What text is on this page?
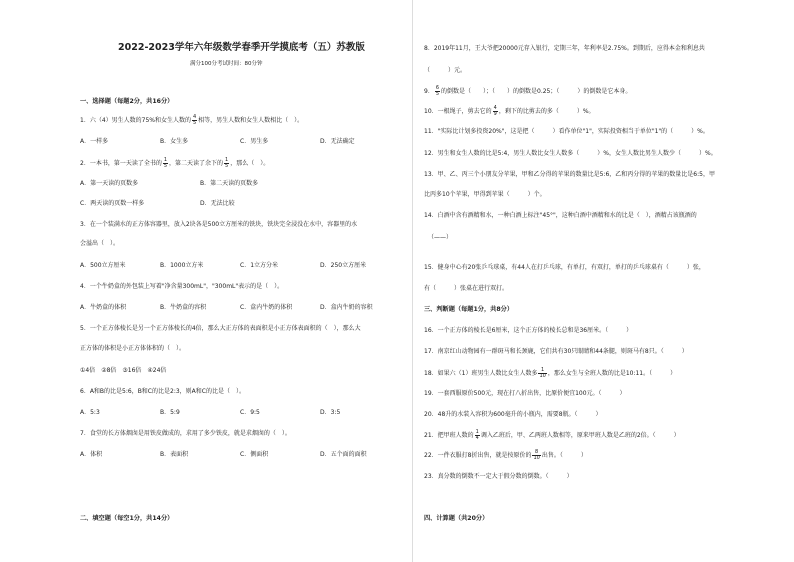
2022-2023学年六年级数学春季开学摸底考（五）苏教版
满分100分考试时间：80分钟
一、选择题（每题2分，共16分）
1．六（4）男生人数的75%和女生人数的 $\frac{4}{5}$ 相等，男生人数和女生人数相比（　）。
A．一样多	B．女生多	C．男生多	D．无法确定
2．一本书，第一天读了全书的 $\frac{1}{5}$ ，第二天读了余下的 $\frac{1}{5}$ ，那么（　）。
A．第一天读的页数多	B．第二天读的页数多
C．两天读的页数一样多	D．无法比较
3．在一个装满水的正方体容器里，放入2块各是500立方厘米的铁块，铁块完全浸没在水中，容器里的水
会溢出（　）。
A．500立方厘米	B．1000立方米	C．1立方分米	D．250立方厘米
4．一个牛奶盒的外包装上写着"净含量300mL"，"300mL"表示的是（　）。
A．牛奶盒的体积	B．牛奶盒的容积	C．盒内牛奶的体积	D．盒内牛奶的容积
5．一个正方体棱长是另一个正方体棱长的4倍，那么大正方体的表面积是小正方体表面积的（　），那么大
正方体的体积是小正方体体积的（　）。
①4倍　②8倍　③16倍　④24倍
6．A和B的比是5:6，B和C的比是2:3，则A和C的比是（　）。
A．5:3	B．5:9	C．9:5	D．3:5
7．食堂的长方体烟囱是用铁皮做成的，求用了多少铁皮，就是求烟囱的（　）。
A．体积	B．表面积	C．侧面积	D．五个面的面积
二、填空题（每空1分，共14分）
8．2019年11月，王大爷把20000元存入银行，定期三年，年利率是2.75%。到期后，应得本金和利息共
（　　　）元。
9． $\frac{6}{5}$ 的倒数是（　　）；（　　）的倒数是0.25；（　　　）的倒数是它本身。
10．一根绳子，剪去它的 $\frac{4}{9}$ ，剩下的比剪去的多（　　　）%。
11．"实际比计划多投资20%"，这是把（　　　）看作单位"1"，实际投资相当于单位"1"的（　　　）%。
12．男生和女生人数的比是5:4，男生人数比女生人数多（　　　）%，女生人数比男生人数少（　　　）%。
13．甲、乙、丙三个小朋友分苹果，甲和乙分得的苹果的数量比是5:6，乙和丙分得的苹果的数量比是6:5，甲
比丙多10个苹果，甲得到苹果（　　　）个。
14．白酒中含有酒精和水，一种白酒上标注"45°"，这种白酒中酒精和水的比是（　），酒精占该瓶酒的
（——）
15．健身中心有20张乒乓球桌，有44人在打乒乓球，有单打，有双打，单打的乒乓球桌有（　　　）张，
有（　　　）张桌在进行双打。
三、判断题（每题1分，共8分）
16．一个正方体的棱长是6厘米，这个正方体的棱长总和是36厘米。（　　　）
17．南京红山动物园有一群斑马和长颈鹿，它们共有30只眼睛和44条腿，则斑马有8只。（　　　）
18．如果六（1）班男生人数比女生人数多 $\frac{1}{10}$ ，那么女生与全班人数的比是10:11。（　　　）
19．一套西服原价500元，现在打八折出售，比原价便宜100元。（　　　）
20．48升的水装入容积为600毫升的小瓶内，需要8瓶。（　　　）
21．把甲班人数的 $\frac{1}{4}$ 调入乙班后，甲、乙两班人数相等，原来甲班人数是乙班的2倍。（　　　）
22．一件衣服打8折出售，就是按原价的 $\frac{8}{10}$ 出售。（　　　）
23．真分数的倒数不一定大于假分数的倒数。（　　　）
四、计算题（共20分）
